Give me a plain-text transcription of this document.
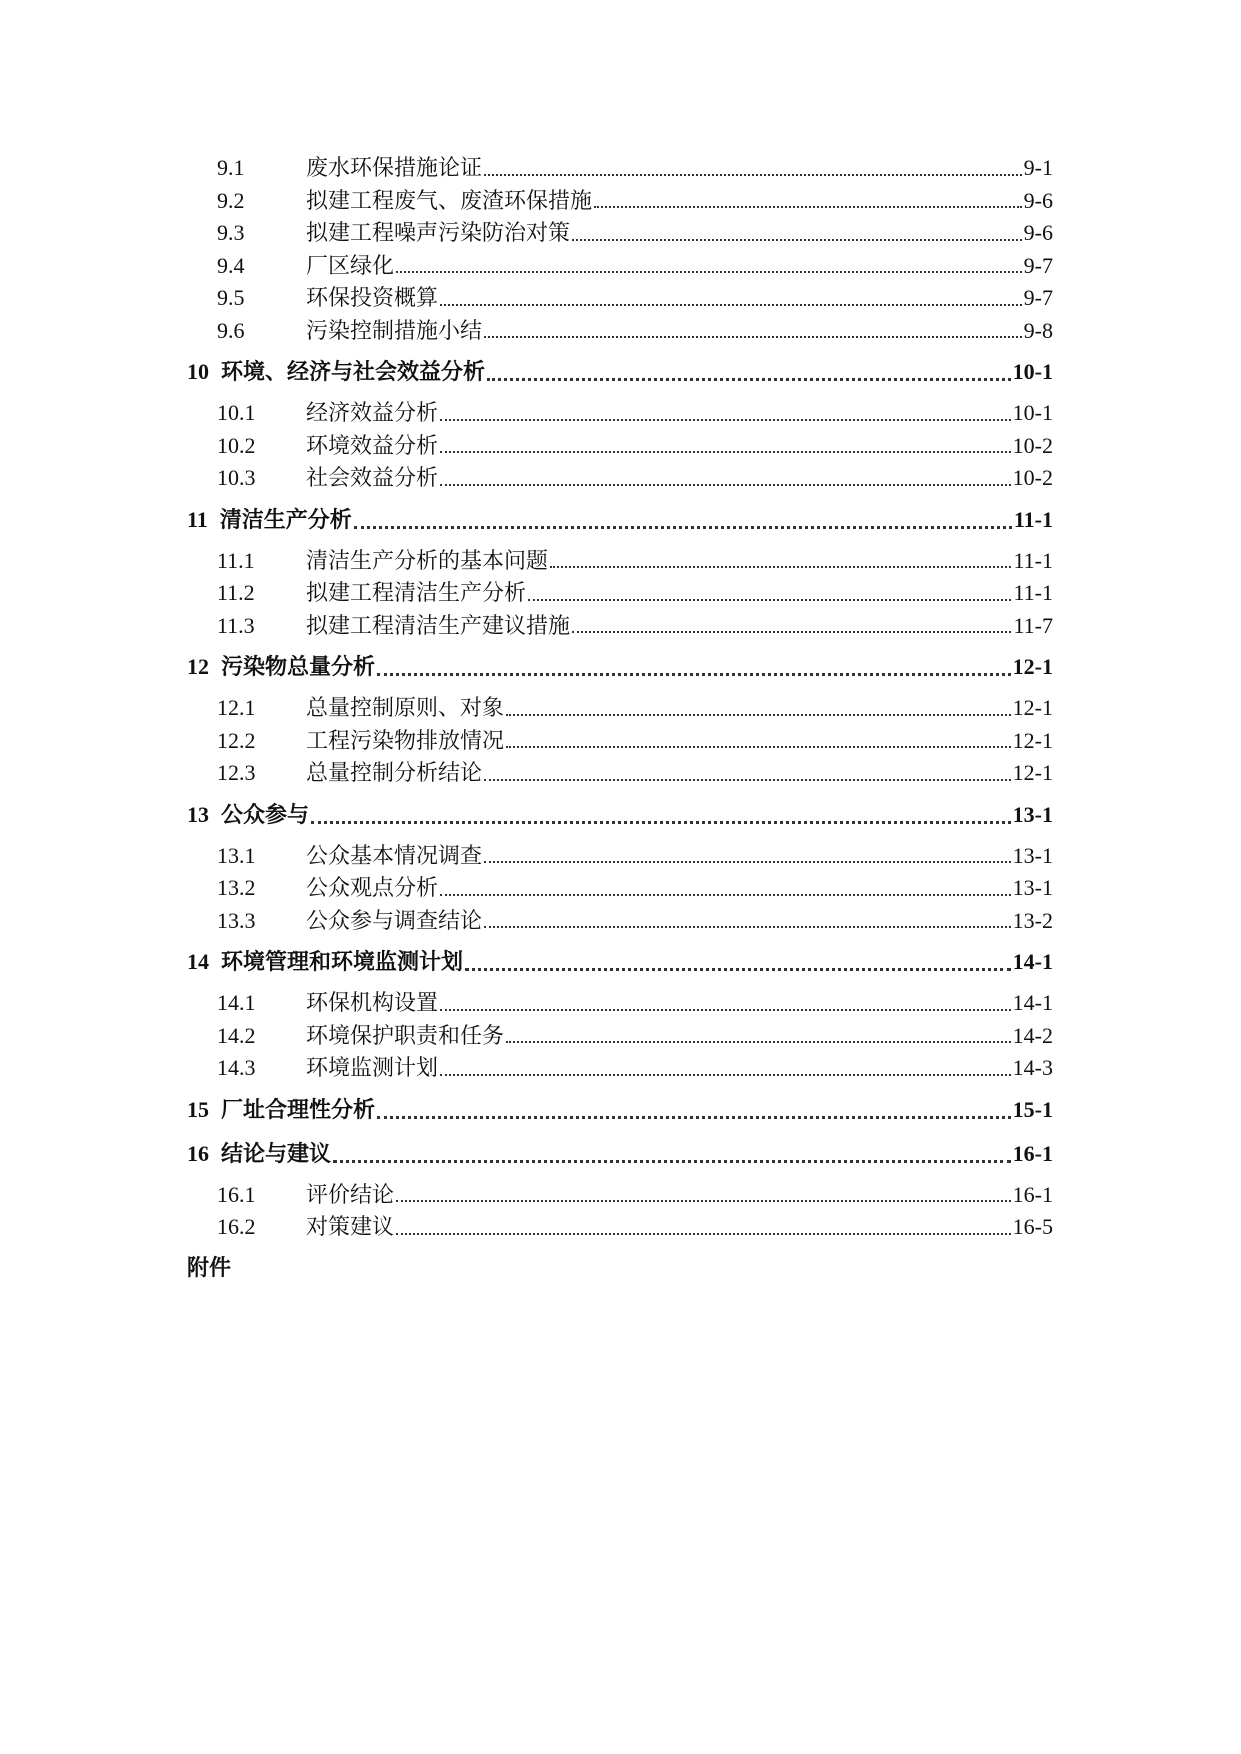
9.1	废水环保措施论证	9-1
9.2	拟建工程废气、废渣环保措施	9-6
9.3	拟建工程噪声污染防治对策	9-6
9.4	厂区绿化	9-7
9.5	环保投资概算	9-7
9.6	污染控制措施小结	9-8
10 环境、经济与社会效益分析	10-1
10.1	经济效益分析	10-1
10.2	环境效益分析	10-2
10.3	社会效益分析	10-2
11 清洁生产分析	11-1
11.1	清洁生产分析的基本问题	11-1
11.2	拟建工程清洁生产分析	11-1
11.3	拟建工程清洁生产建议措施	11-7
12 污染物总量分析	12-1
12.1	总量控制原则、对象	12-1
12.2	工程污染物排放情况	12-1
12.3	总量控制分析结论	12-1
13 公众参与	13-1
13.1	公众基本情况调查	13-1
13.2	公众观点分析	13-1
13.3	公众参与调查结论	13-2
14 环境管理和环境监测计划	14-1
14.1	环保机构设置	14-1
14.2	环境保护职责和任务	14-2
14.3	环境监测计划	14-3
15 厂址合理性分析	15-1
16 结论与建议	16-1
16.1	评价结论	16-1
16.2	对策建议	16-5
附件
